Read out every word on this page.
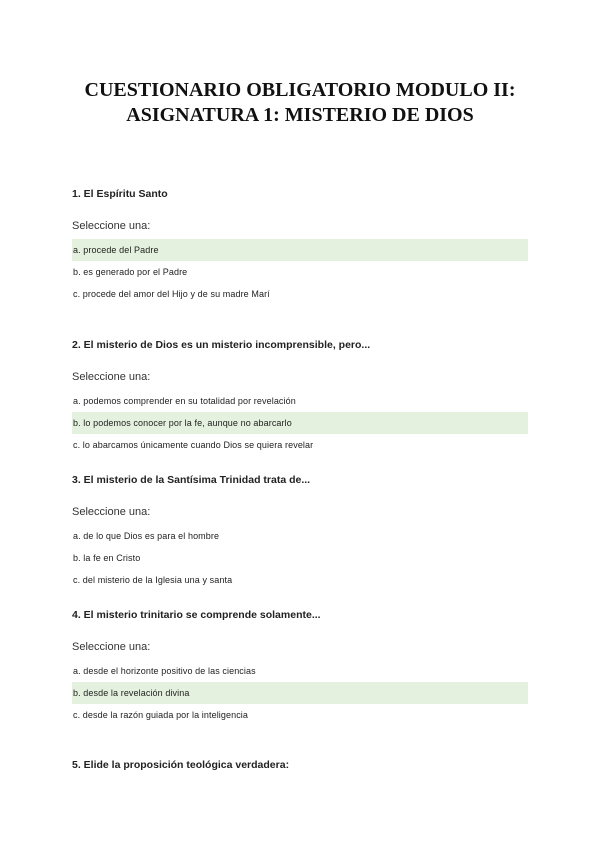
CUESTIONARIO OBLIGATORIO MODULO II:
ASIGNATURA 1: MISTERIO DE DIOS
1. El Espíritu Santo
Seleccione una:
a. procede del Padre
b. es generado por el Padre
c. procede del amor del Hijo y de su madre Marí
2. El misterio de Dios es un misterio incomprensible, pero...
Seleccione una:
a. podemos comprender en su totalidad por revelación
b. lo podemos conocer por la fe, aunque no abarcarlo
c. lo abarcamos únicamente cuando Dios se quiera revelar
3. El misterio de la Santísima Trinidad trata de...
Seleccione una:
a. de lo que Dios es para el hombre
b. la fe en Cristo
c. del misterio de la Iglesia una y santa
4. El misterio trinitario se comprende solamente...
Seleccione una:
a. desde el horizonte positivo de las ciencias
b. desde la revelación divina
c. desde la razón guiada por la inteligencia
5. Elide la proposición teológica verdadera:
